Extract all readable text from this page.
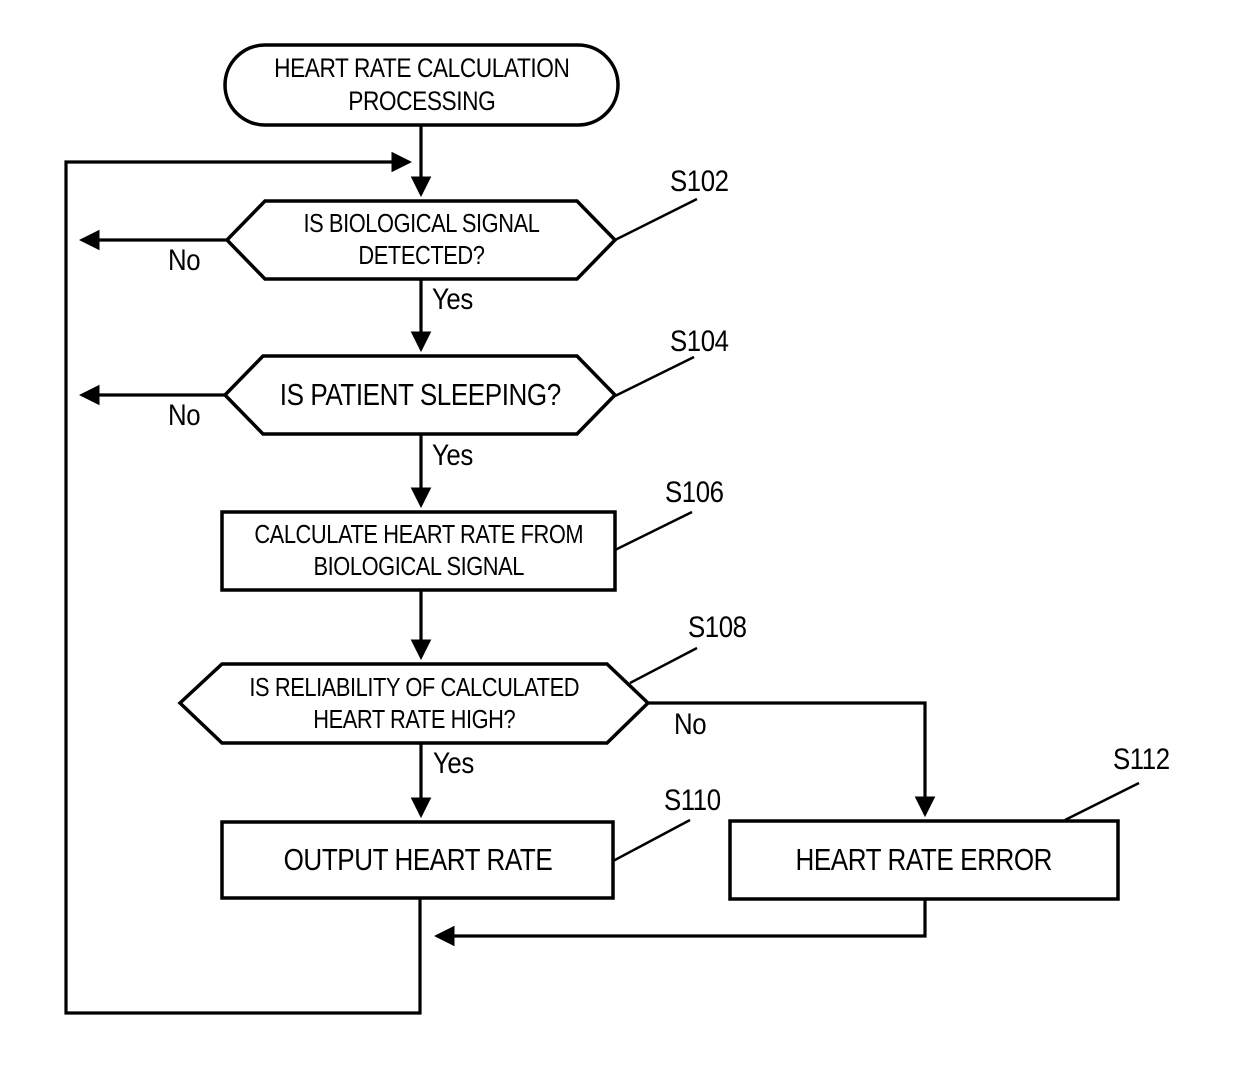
HEART RATE CALCULATION
PROCESSING
IS BIOLOGICAL SIGNAL
DETECTED?
IS PATIENT SLEEPING?
CALCULATE HEART RATE FROM
BIOLOGICAL SIGNAL
IS RELIABILITY OF CALCULATED
HEART RATE HIGH?
OUTPUT HEART RATE	HEART RATE ERROR
S102
S104
S106
S108
S110
S112
No
Yes
No
Yes
No
Yes
